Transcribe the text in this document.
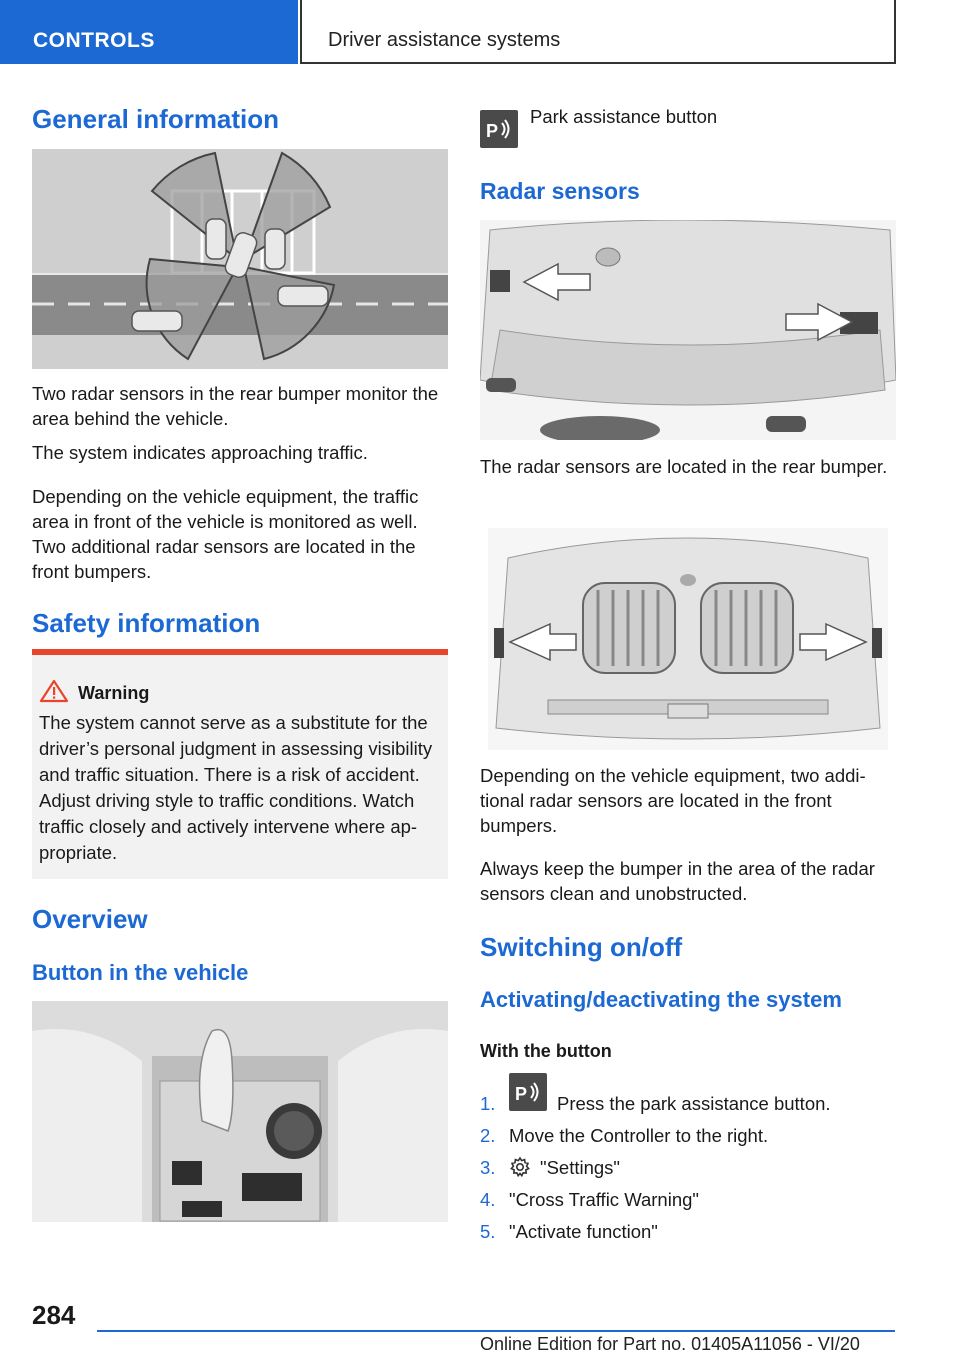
CONTROLS	Driver assistance systems
General information

Two radar sensors in the rear bumper monitor the area behind the vehicle.

The system indicates approaching traffic.

Depending on the vehicle equipment, the traffic area in front of the vehicle is monitored as well. Two additional radar sensors are located in the front bumpers.

Safety information
Warning

The system cannot serve as a substitute for the driver’s personal judgment in assessing visibility and traffic situation. There is a risk of accident. Adjust driving style to traffic conditions. Watch traffic closely and actively intervene where ap‐propriate.

Overview
Button in the vehicle
P
Park assistance button
Radar sensors

The radar sensors are located in the rear bumper.

Depending on the vehicle equipment, two addi‐tional radar sensors are located in the front bumpers.

Always keep the bumper in the area of the radar sensors clean and unobstructed.

Switching on/off
Activating/deactivating the system
With the button
1. P Press the park assistance button.
2. Move the Controller to the right.
3. "Settings"
4. "Cross Traffic Warning"
5. "Activate function"
284
Online Edition for Part no. 01405A11056 - VI/20
